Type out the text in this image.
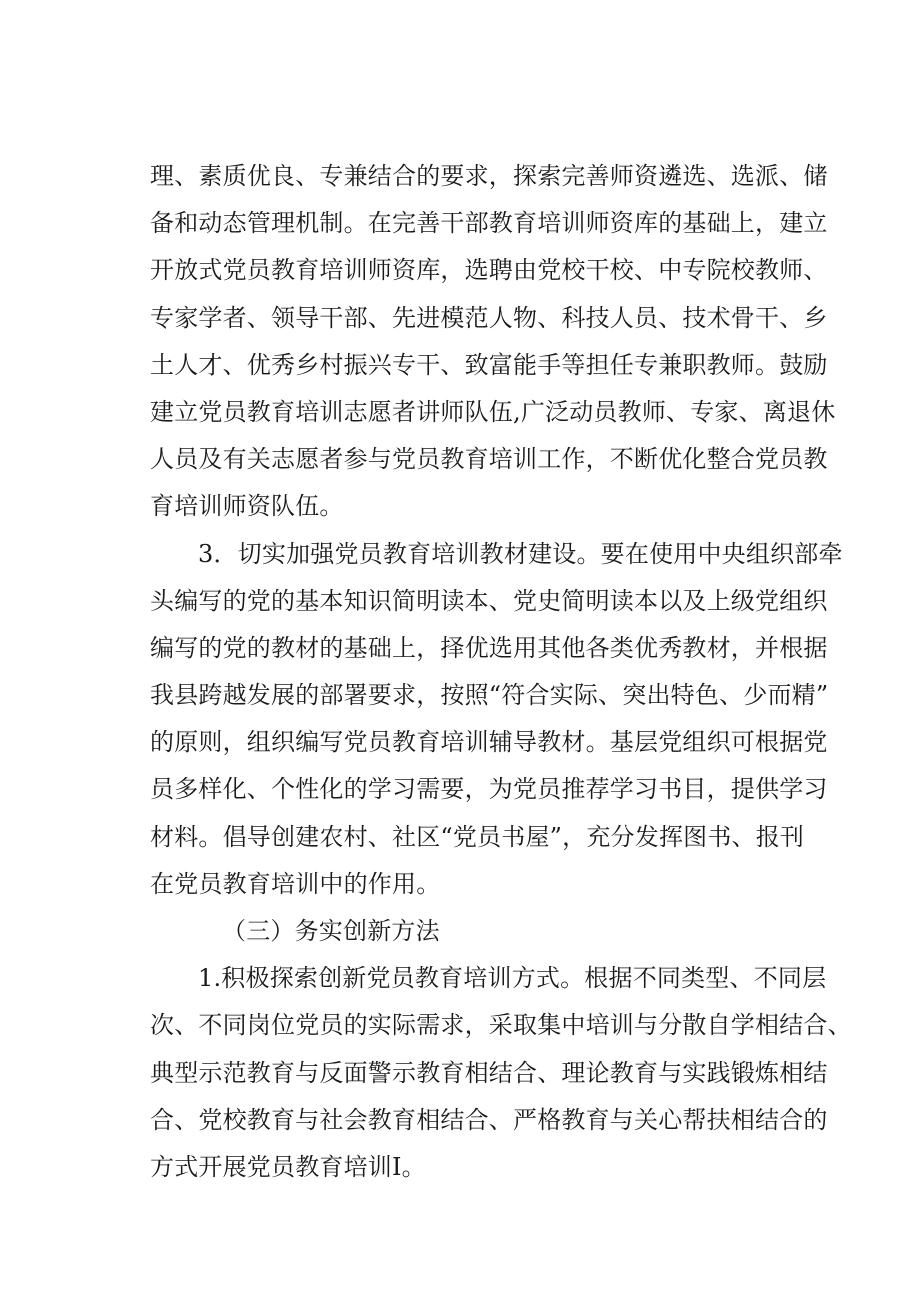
理、素质优良、专兼结合的要求，探索完善师资遴选、选派、储
备和动态管理机制。在完善干部教育培训师资库的基础上，建立
开放式党员教育培训师资库，选聘由党校干校、中专院校教师、
专家学者、领导干部、先进模范人物、科技人员、技术骨干、乡
土人才、优秀乡村振兴专干、致富能手等担任专兼职教师。鼓励
建立党员教育培训志愿者讲师队伍,广泛动员教师、专家、离退休
人员及有关志愿者参与党员教育培训工作，不断优化整合党员教
育培训师资队伍。
3．切实加强党员教育培训教材建设。要在使用中央组织部牵
头编写的党的基本知识简明读本、党史简明读本以及上级党组织
编写的党的教材的基础上，择优选用其他各类优秀教材，并根据
我县跨越发展的部署要求，按照“符合实际、突出特色、少而精”
的原则，组织编写党员教育培训辅导教材。基层党组织可根据党
员多样化、个性化的学习需要，为党员推荐学习书目，提供学习
材料。倡导创建农村、社区“党员书屋”，充分发挥图书、报刊
在党员教育培训中的作用。
（三）务实创新方法
1.积极探索创新党员教育培训方式。根据不同类型、不同层
次、不同岗位党员的实际需求，采取集中培训与分散自学相结合、
典型示范教育与反面警示教育相结合、理论教育与实践锻炼相结
合、党校教育与社会教育相结合、严格教育与关心帮扶相结合的
方式开展党员教育培训I。
